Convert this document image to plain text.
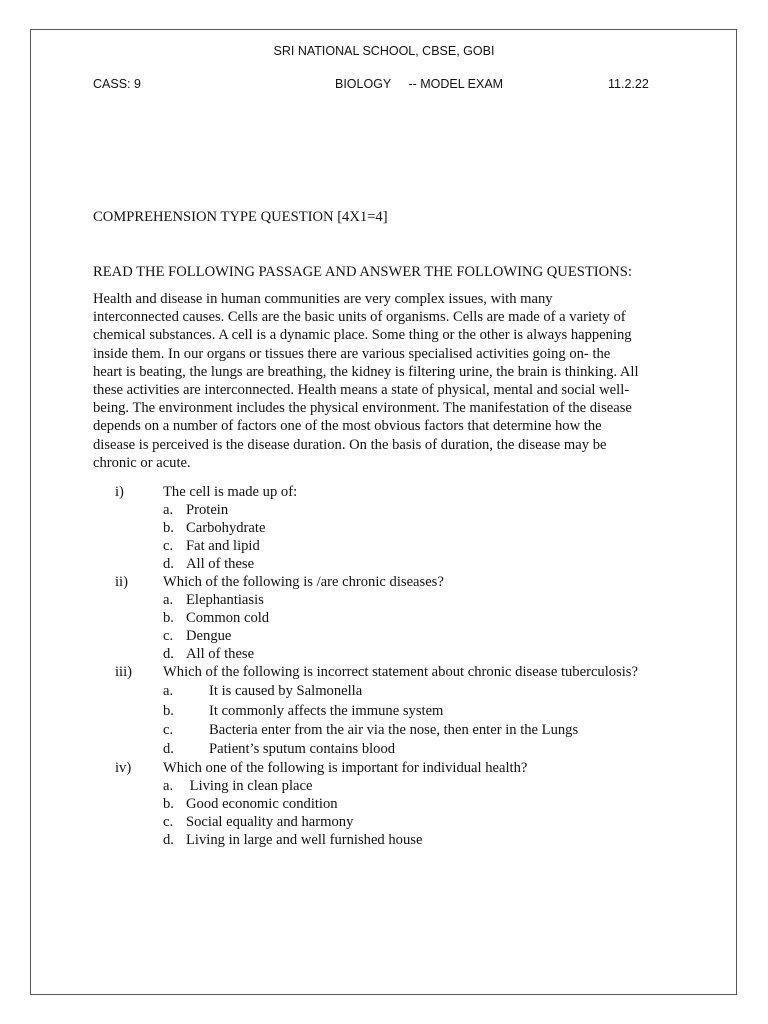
SRI NATIONAL SCHOOL, CBSE, GOBI
CASS: 9	BIOLOGY     -- MODEL EXAM	11.2.22
COMPREHENSION TYPE QUESTION [4X1=4]
READ THE FOLLOWING PASSAGE AND ANSWER THE FOLLOWING QUESTIONS:
Health and disease in human communities are very complex issues, with many
interconnected causes. Cells are the basic units of organisms. Cells are made of a variety of
chemical substances. A cell is a dynamic place. Some thing or the other is always happening
inside them. In our organs or tissues there are various specialised activities going on- the
heart is beating, the lungs are breathing, the kidney is filtering urine, the brain is thinking. All
these activities are interconnected. Health means a state of physical, mental and social well-
being. The environment includes the physical environment. The manifestation of the disease
depends on a number of factors one of the most obvious factors that determine how the
disease is perceived is the disease duration. On the basis of duration, the disease may be
chronic or acute.
i)	The cell is made up of:
a. Protein
b. Carbohydrate
c. Fat and lipid
d. All of these
ii) Which of the following is /are chronic diseases?
a. Elephantiasis
b. Common cold
c. Dengue
d. All of these
iii) Which of the following is incorrect statement about chronic disease tuberculosis?
a. It is caused by Salmonella
b. It commonly affects the immune system
c. Bacteria enter from the air via the nose, then enter in the Lungs
d. Patient’s sputum contains blood
iv) Which one of the following is important for individual health?
a. Living in clean place
b. Good economic condition
c. Social equality and harmony
d. Living in large and well furnished house
